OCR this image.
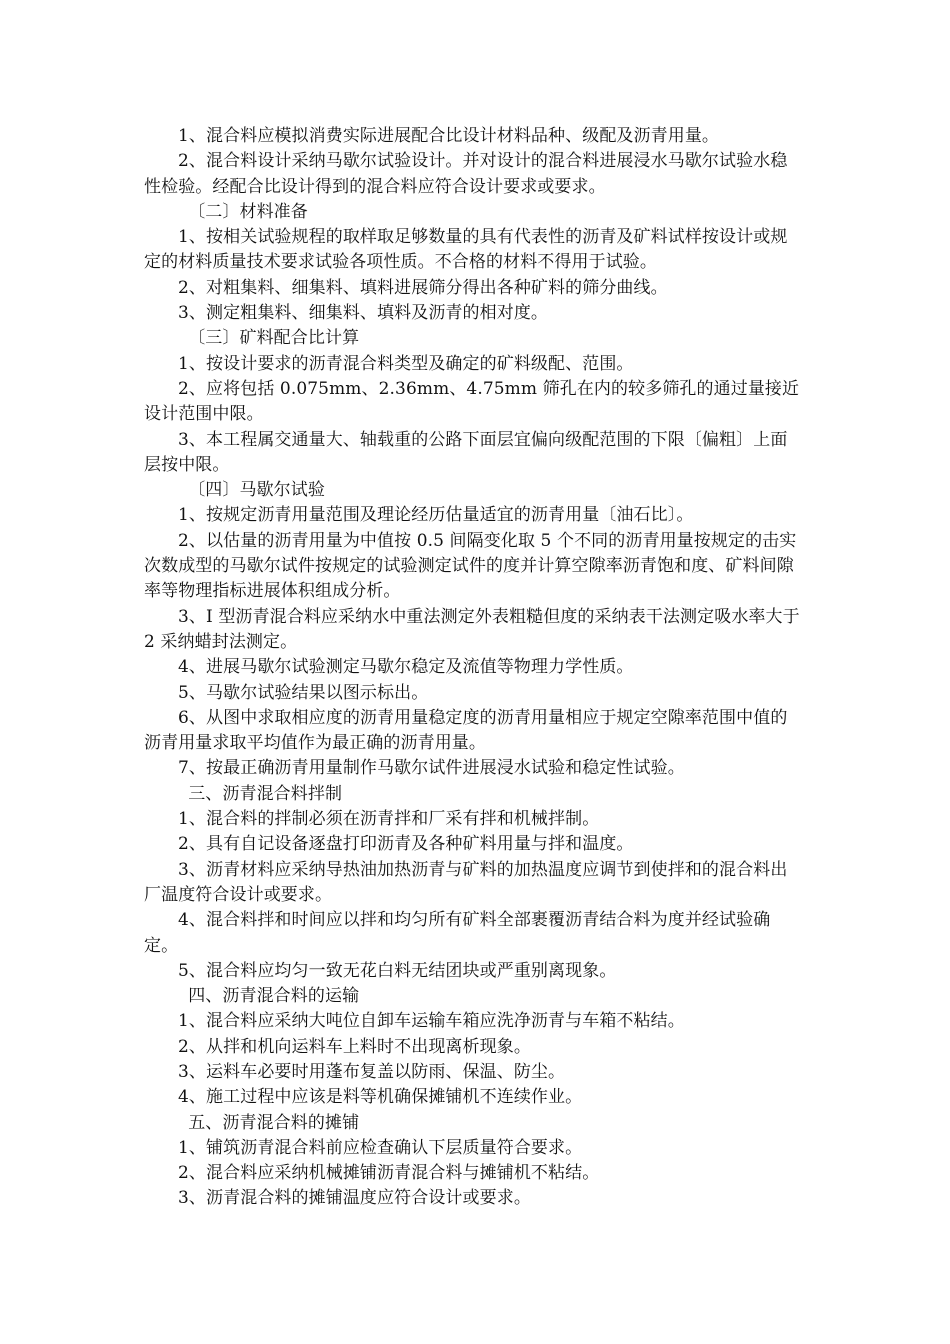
1、混合料应模拟消费实际进展配合比设计材料品种、级配及沥青用量。

2、混合料设计采纳马歇尔试验设计。并对设计的混合料进展浸水马歇尔试验水稳性检验。经配合比设计得到的混合料应符合设计要求或要求。

〔二〕材料准备

1、按相关试验规程的取样取足够数量的具有代表性的沥青及矿料试样按设计或规定的材料质量技术要求试验各项性质。不合格的材料不得用于试验。

2、对粗集料、细集料、填料进展筛分得出各种矿料的筛分曲线。

3、测定粗集料、细集料、填料及沥青的相对度。

〔三〕矿料配合比计算

1、按设计要求的沥青混合料类型及确定的矿料级配、范围。

2、应将包括 0.075mm、2.36mm、4.75mm 筛孔在内的较多筛孔的通过量接近设计范围中限。

3、本工程属交通量大、轴载重的公路下面层宜偏向级配范围的下限〔偏粗〕上面层按中限。

〔四〕马歇尔试验

1、按规定沥青用量范围及理论经历估量适宜的沥青用量〔油石比〕。

2、以估量的沥青用量为中值按 0.5 间隔变化取 5 个不同的沥青用量按规定的击实次数成型的马歇尔试件按规定的试验测定试件的度并计算空隙率沥青饱和度、矿料间隙率等物理指标进展体积组成分析。

3、I 型沥青混合料应采纳水中重法测定外表粗糙但度的采纳表干法测定吸水率大于 2 采纳蜡封法测定。

4、进展马歇尔试验测定马歇尔稳定及流值等物理力学性质。

5、马歇尔试验结果以图示标出。

6、从图中求取相应度的沥青用量稳定度的沥青用量相应于规定空隙率范围中值的沥青用量求取平均值作为最正确的沥青用量。

7、按最正确沥青用量制作马歇尔试件进展浸水试验和稳定性试验。

三、沥青混合料拌制

1、混合料的拌制必须在沥青拌和厂采有拌和机械拌制。

2、具有自记设备逐盘打印沥青及各种矿料用量与拌和温度。

3、沥青材料应采纳导热油加热沥青与矿料的加热温度应调节到使拌和的混合料出厂温度符合设计或要求。

4、混合料拌和时间应以拌和均匀所有矿料全部裹覆沥青结合料为度并经试验确定。

5、混合料应均匀一致无花白料无结团块或严重别离现象。

四、沥青混合料的运输

1、混合料应采纳大吨位自卸车运输车箱应洗净沥青与车箱不粘结。

2、从拌和机向运料车上料时不出现离析现象。

3、运料车必要时用蓬布复盖以防雨、保温、防尘。

4、施工过程中应该是料等机确保摊铺机不连续作业。

五、沥青混合料的摊铺

1、铺筑沥青混合料前应检查确认下层质量符合要求。

2、混合料应采纳机械摊铺沥青混合料与摊铺机不粘结。

3、沥青混合料的摊铺温度应符合设计或要求。
